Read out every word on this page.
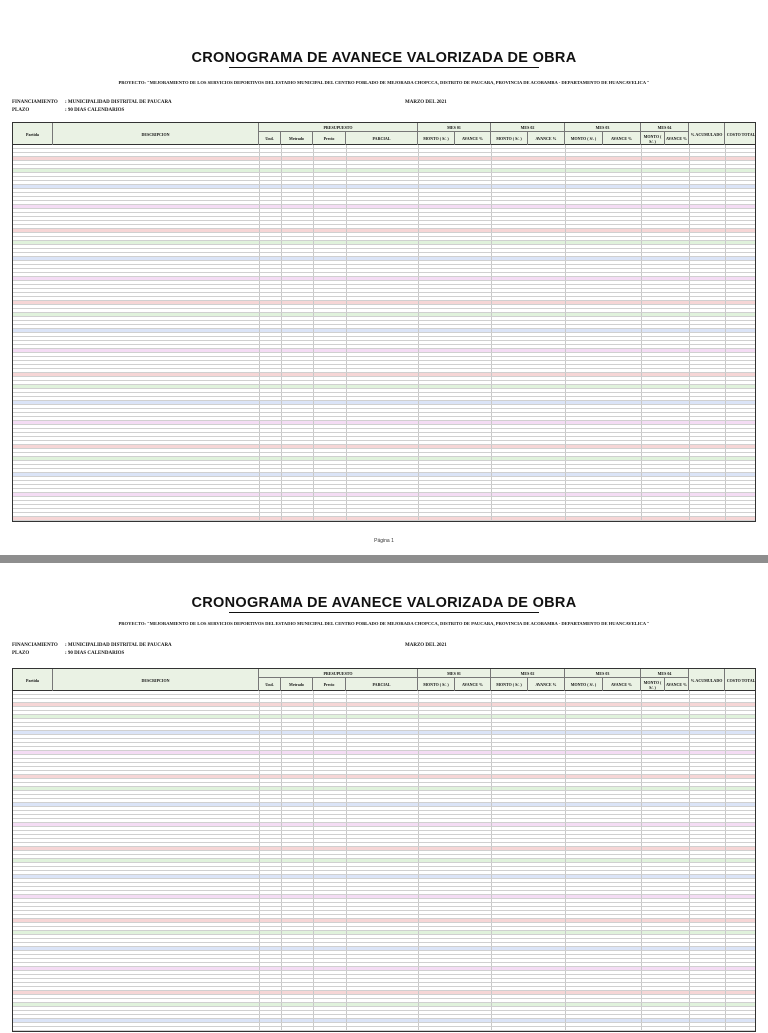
CRONOGRAMA DE AVANECE VALORIZADA DE OBRA
PROYECTO: "MEJORAMIENTO DE LOS SERVICIOS DEPORTIVOS DEL ESTADIO MUNICIPAL DEL CENTRO POBLADO DE MEJORADA CHOPCCA, DISTRITO DE PAUCARA, PROVINCIA DE ACOBAMBA - DEPARTAMENTO DE HUANCAVELICA "
FINANCIAMIENTO : MUNICIPALIDAD DISTRITAL DE PAUCARA
PLAZO	: 90 DIAS CALENDARIOS
MARZO DEL 2021
Partida	DESCRIPCION
PRESUPUESTO
Und.	Metrado	Precio	PARCIAL
MES 01
MONTO ( S/. )	AVANCE %
MES 02
MONTO ( S/. )	AVANCE %
MES 03
MONTO ( S/. )	AVANCE %
MES 04
MONTO ( S/. )	AVANCE %
% ACUMULADO	COSTO TOTAL
Página 1
CRONOGRAMA DE AVANECE VALORIZADA DE OBRA
PROYECTO: "MEJORAMIENTO DE LOS SERVICIOS DEPORTIVOS DEL ESTADIO MUNICIPAL DEL CENTRO POBLADO DE MEJORADA CHOPCCA, DISTRITO DE PAUCARA, PROVINCIA DE ACOBAMBA - DEPARTAMENTO DE HUANCAVELICA "
FINANCIAMIENTO : MUNICIPALIDAD DISTRITAL DE PAUCARA
PLAZO	: 90 DIAS CALENDARIOS
MARZO DEL 2021
Partida	DESCRIPCION
PRESUPUESTO
Und.	Metrado	Precio	PARCIAL
MES 01
MONTO ( S/. )	AVANCE %
MES 02
MONTO ( S/. )	AVANCE %
MES 03
MONTO ( S/. )	AVANCE %
MES 04
MONTO ( S/. )	AVANCE %
% ACUMULADO	COSTO TOTAL
